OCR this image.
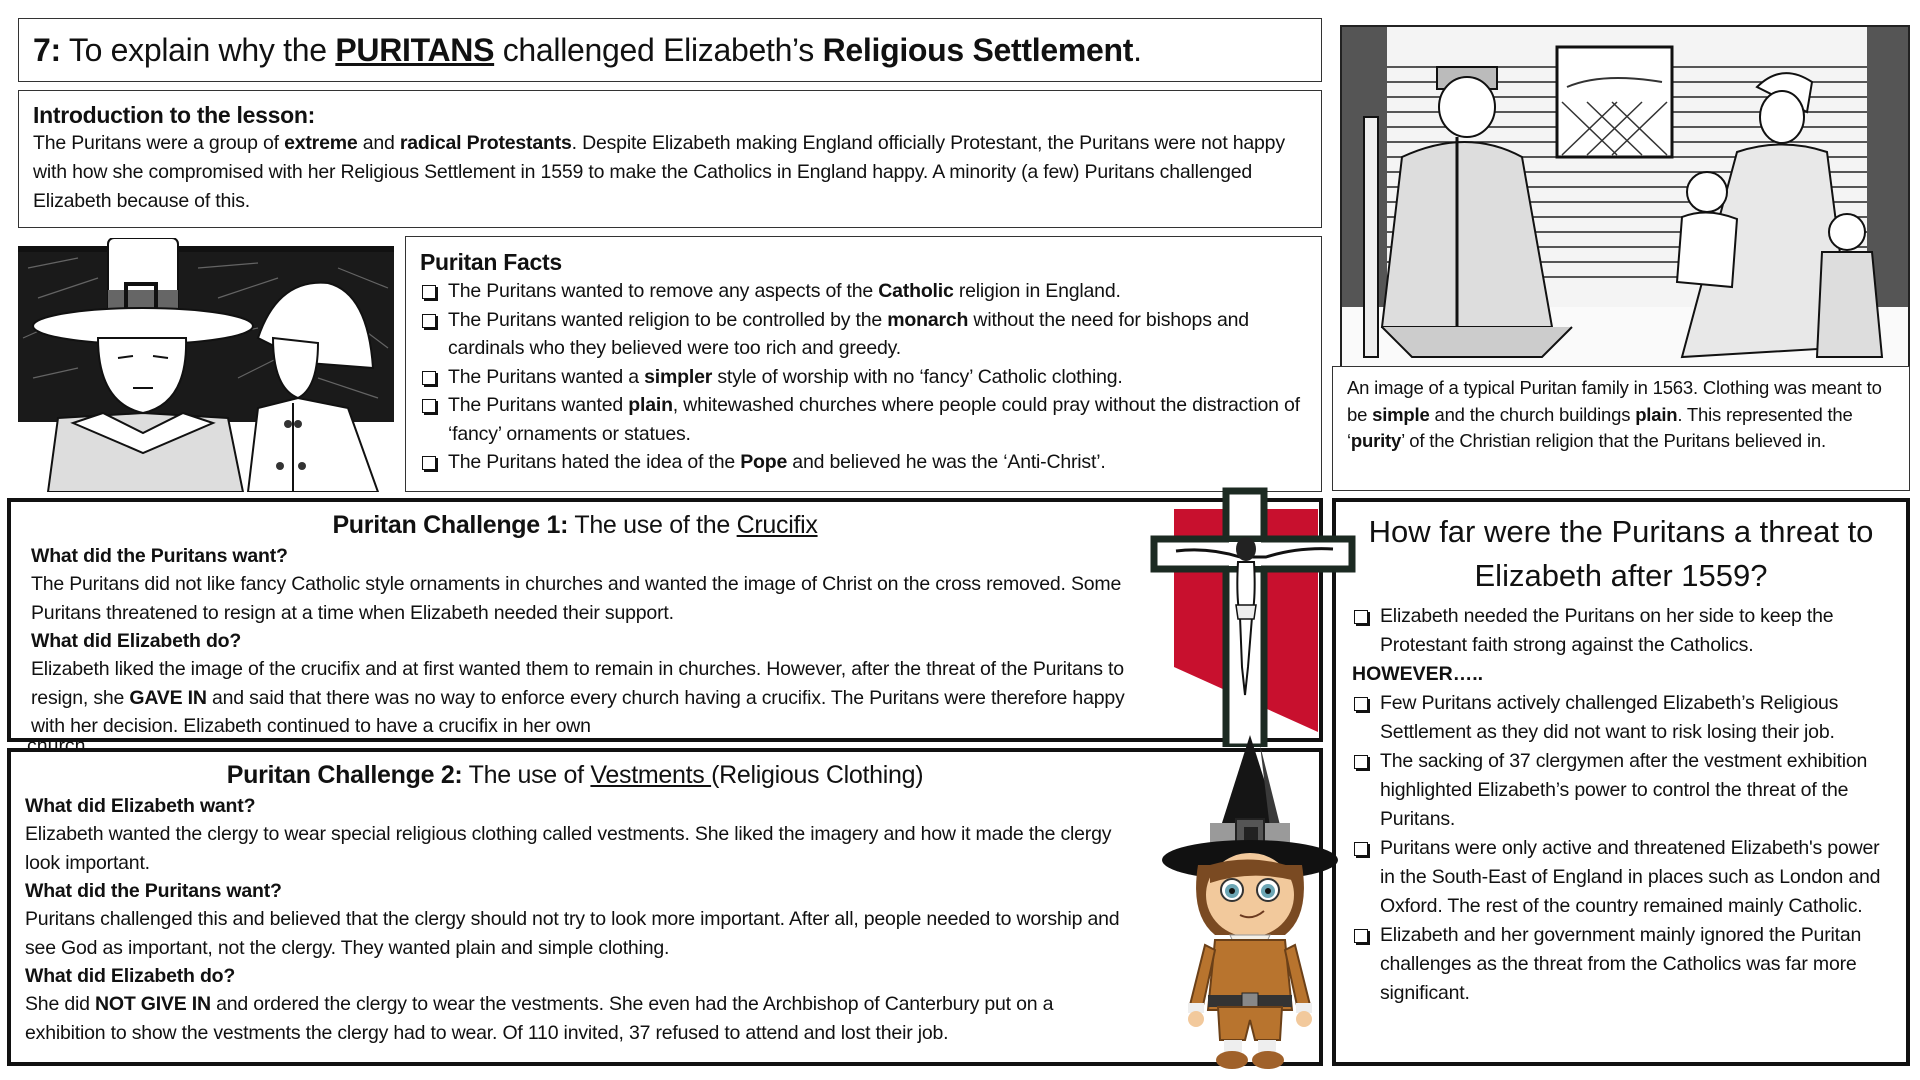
7: To explain why the PURITANS challenged Elizabeth’s Religious Settlement.
Introduction to the lesson:

The Puritans were a group of extreme and radical Protestants. Despite Elizabeth making England officially Protestant, the Puritans were not happy with how she compromised with her Religious Settlement in 1559 to make the Catholics in England happy. A minority (a few) Puritans challenged Elizabeth because of this.

Puritan Facts
The Puritans wanted to remove any aspects of the Catholic religion in England.
The Puritans wanted religion to be controlled by the monarch without the need for bishops and cardinals who they believed were too rich and greedy.
The Puritans wanted a simpler style of worship with no ‘fancy’ Catholic clothing.
The Puritans wanted plain, whitewashed churches where people could pray without the distraction of ‘fancy’ ornaments or statues.
The Puritans hated the idea of the Pope and believed he was the ‘Anti-Christ’.

An image of a typical Puritan family in 1563. Clothing was meant to be simple and the church buildings plain. This represented the ‘purity’ of the Christian religion that the Puritans believed in.

Puritan Challenge 1: The use of the Crucifix
What did the Puritans want?
The Puritans did not like fancy Catholic style ornaments in churches and wanted the image of Christ on the cross removed. Some Puritans threatened to resign at a time when Elizabeth needed their support.
What did Elizabeth do?
Elizabeth liked the image of the crucifix and at first wanted them to remain in churches. However, after the threat of the Puritans to resign, she GAVE IN and said that there was no way to enforce every church having a crucifix. The Puritans were therefore happy with her decision. Elizabeth continued to have a crucifix in her own
church.
Puritan Challenge 2: The use of Vestments (Religious Clothing)
What did Elizabeth want?
Elizabeth wanted the clergy to wear special religious clothing called vestments. She liked the imagery and how it made the clergy look important.
What did the Puritans want?
Puritans challenged this and believed that the clergy should not try to look more important. After all, people needed to worship and see God as important, not the clergy. They wanted plain and simple clothing.
What did Elizabeth do?
She did NOT GIVE IN and ordered the clergy to wear the vestments. She even had the Archbishop of Canterbury put on a exhibition to show the vestments the clergy had to wear. Of 110 invited, 37 refused to attend and lost their job.
How far were the Puritans a threat to Elizabeth after 1559?
Elizabeth needed the Puritans on her side to keep the Protestant faith strong against the Catholics.
HOWEVER…..
Few Puritans actively challenged Elizabeth’s Religious Settlement as they did not want to risk losing their job.
The sacking of 37 clergymen after the vestment exhibition highlighted Elizabeth’s power to control the threat of the Puritans.
Puritans were only active and threatened Elizabeth's power in the South-East of England in places such as London and Oxford. The rest of the country remained mainly Catholic.
Elizabeth and her government mainly ignored the Puritan challenges as the threat from the Catholics was far more significant.
